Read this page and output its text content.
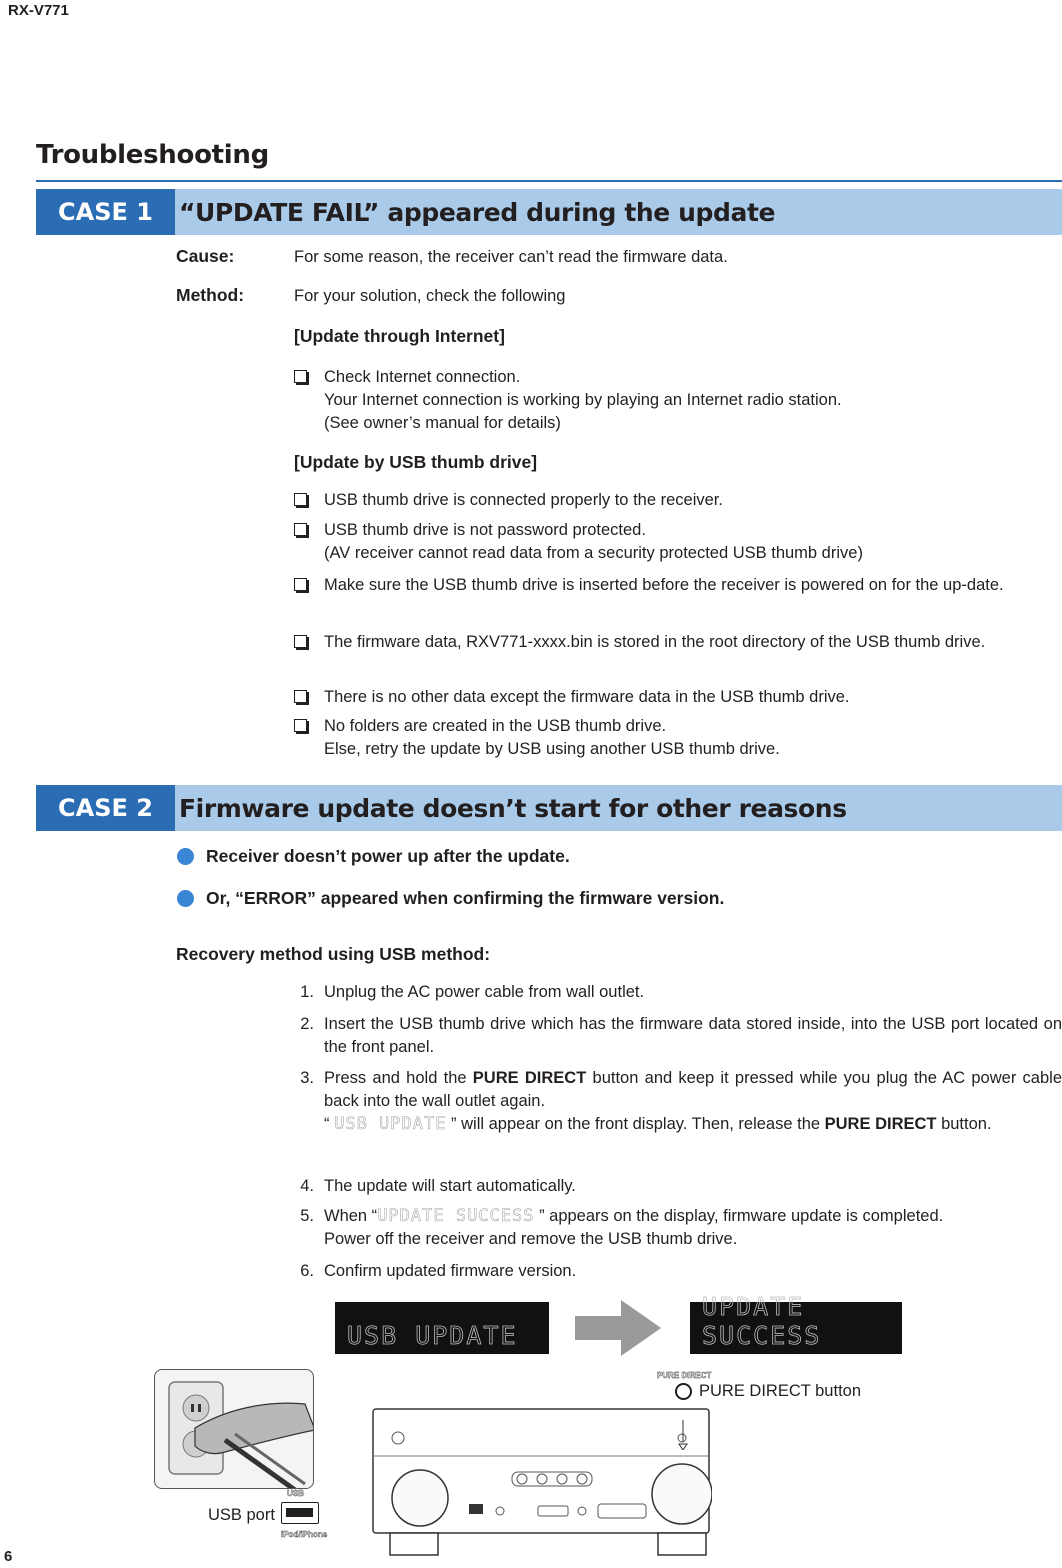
RX-V771
Troubleshooting
CASE 1	“UPDATE FAIL” appeared during the update
Cause:	For some reason, the receiver can’t read the firmware data.
Method:	For your solution, check the following
[Update through Internet]
Check Internet connection.
Your Internet connection is working by playing an Internet radio station.
(See owner’s manual for details)
[Update by USB thumb drive]
USB thumb drive is connected properly to the receiver.
USB thumb drive is not password protected.
(AV receiver cannot read data from a security protected USB thumb drive)
Make sure the USB thumb drive is inserted before the receiver is powered on for the up-date.
The firmware data, RXV771-xxxx.bin is stored in the root directory of the USB thumb drive.
There is no other data except the firmware data in the USB thumb drive.
No folders are created in the USB thumb drive.
Else, retry the update by USB using another USB thumb drive.
CASE 2	Firmware update doesn’t start for other reasons
Receiver doesn’t power up after the update.
Or, “ERROR” appeared when confirming the firmware version.
Recovery method using USB method:
1. Unplug the AC power cable from wall outlet.
2. Insert the USB thumb drive which has the firmware data stored inside, into the USB port located on the front panel.
3. Press and hold the PURE DIRECT button and keep it pressed while you plug the AC power cable back into the wall outlet again.
“ USB UPDATE ” will appear on the front display. Then, release the PURE DIRECT button.
4. The update will start automatically.
5. When “UPDATE SUCCESS ” appears on the display, firmware update is completed.
Power off the receiver and remove the USB thumb drive.
6. Confirm updated firmware version.
USB UPDATE
UPDATE SUCCESS
PURE DIRECT
PURE DIRECT button
USB
USB port
iPod/iPhone
6
